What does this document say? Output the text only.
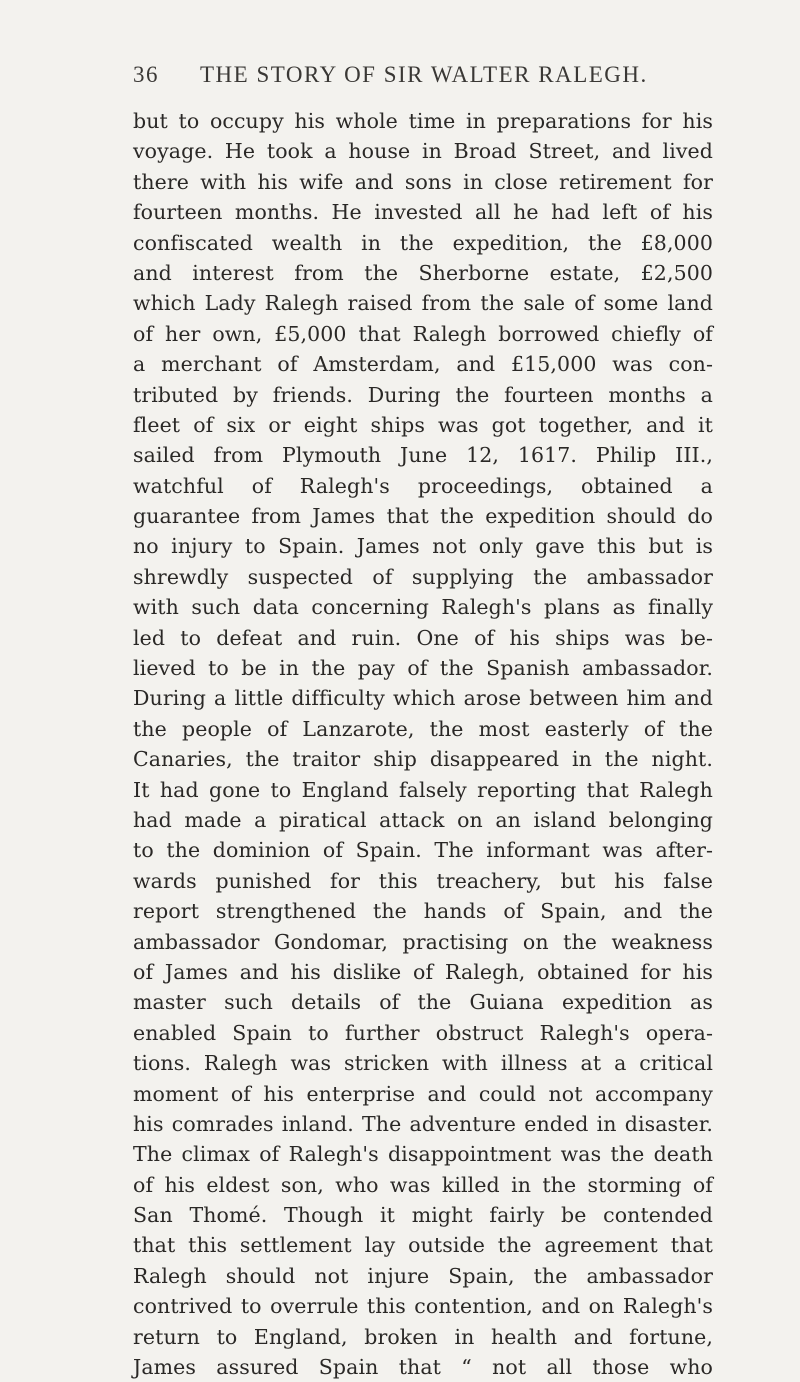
36 THE STORY OF SIR WALTER RALEGH.
but to occupy his whole time in preparations for his
voyage. He took a house in Broad Street, and lived
there with his wife and sons in close retirement for
fourteen months. He invested all he had left of his
confiscated wealth in the expedition, the £8,000
and interest from the Sherborne estate, £2,500
which Lady Ralegh raised from the sale of some land
of her own, £5,000 that Ralegh borrowed chiefly of
a merchant of Amsterdam, and £15,000 was con-
tributed by friends. During the fourteen months a
fleet of six or eight ships was got together, and it
sailed from Plymouth June 12, 1617. Philip III.,
watchful of Ralegh's proceedings, obtained a
guarantee from James that the expedition should do
no injury to Spain. James not only gave this but is
shrewdly suspected of supplying the ambassador
with such data concerning Ralegh's plans as finally
led to defeat and ruin. One of his ships was be-
lieved to be in the pay of the Spanish ambassador.
During a little difficulty which arose between him and
the people of Lanzarote, the most easterly of the
Canaries, the traitor ship disappeared in the night.
It had gone to England falsely reporting that Ralegh
had made a piratical attack on an island belonging
to the dominion of Spain. The informant was after-
wards punished for this treachery, but his false
report strengthened the hands of Spain, and the
ambassador Gondomar, practising on the weakness
of James and his dislike of Ralegh, obtained for his
master such details of the Guiana expedition as
enabled Spain to further obstruct Ralegh's opera-
tions. Ralegh was stricken with illness at a critical
moment of his enterprise and could not accompany
his comrades inland. The adventure ended in disaster.
The climax of Ralegh's disappointment was the death
of his eldest son, who was killed in the storming of
San Thomé. Though it might fairly be contended
that this settlement lay outside the agreement that
Ralegh should not injure Spain, the ambassador
contrived to overrule this contention, and on Ralegh's
return to England, broken in health and fortune,
James assured Spain that “ not all those who
